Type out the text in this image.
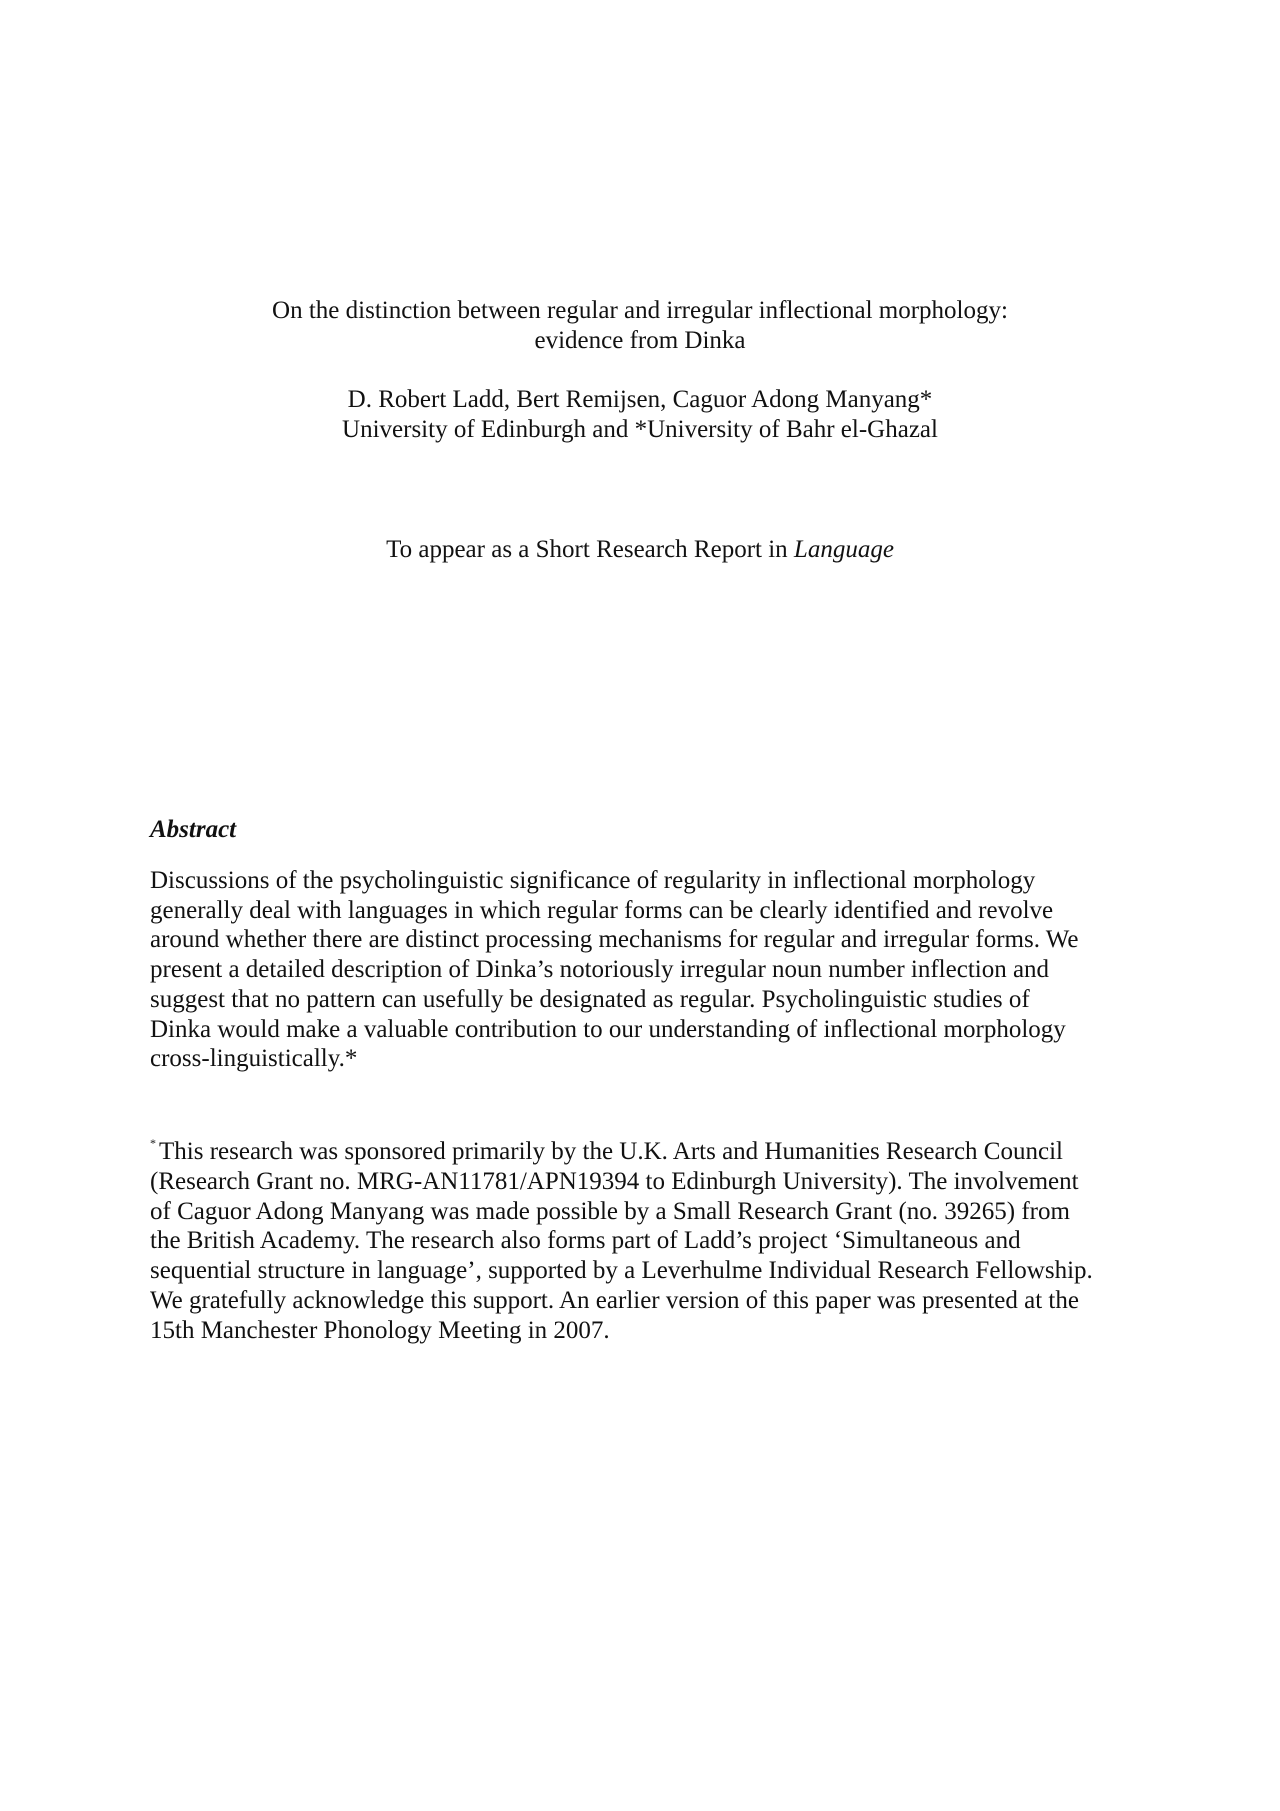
On the distinction between regular and irregular inflectional morphology:
evidence from Dinka
D. Robert Ladd, Bert Remijsen, Caguor Adong Manyang*
University of Edinburgh and *University of Bahr el-Ghazal
To appear as a Short Research Report in Language
Abstract
Discussions of the psycholinguistic significance of regularity in inflectional morphology
generally deal with languages in which regular forms can be clearly identified and revolve
around whether there are distinct processing mechanisms for regular and irregular forms. We
present a detailed description of Dinka’s notoriously irregular noun number inflection and
suggest that no pattern can usefully be designated as regular. Psycholinguistic studies of
Dinka would make a valuable contribution to our understanding of inflectional morphology
cross-linguistically.*
* This research was sponsored primarily by the U.K. Arts and Humanities Research Council
(Research Grant no. MRG-AN11781/APN19394 to Edinburgh University). The involvement
of Caguor Adong Manyang was made possible by a Small Research Grant (no. 39265) from
the British Academy. The research also forms part of Ladd’s project ‘Simultaneous and
sequential structure in language’, supported by a Leverhulme Individual Research Fellowship.
We gratefully acknowledge this support. An earlier version of this paper was presented at the
15th Manchester Phonology Meeting in 2007.
